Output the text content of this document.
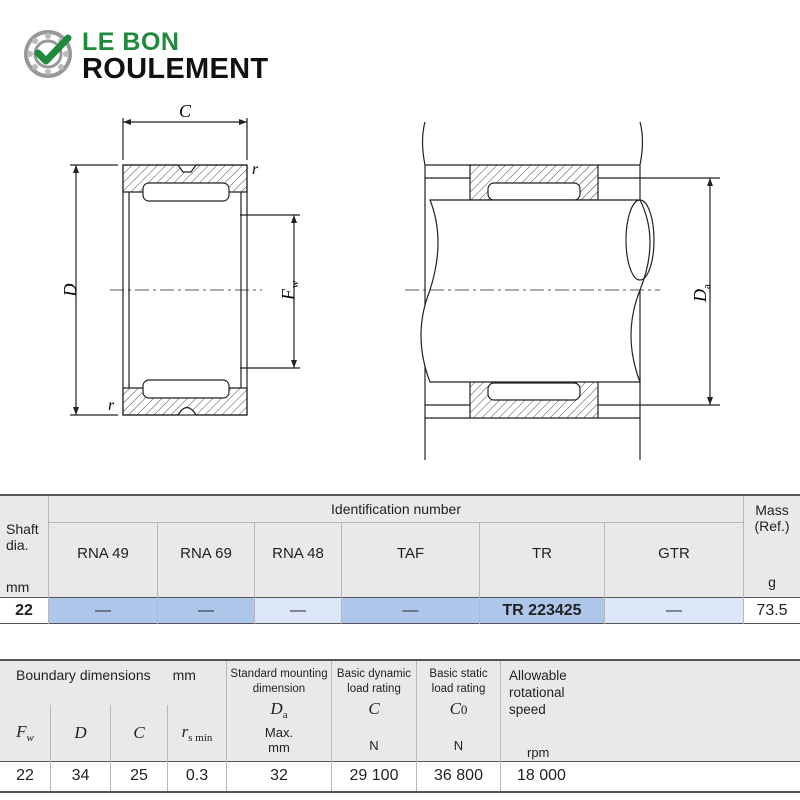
LE BON
ROULEMENT
C
D
r
r
F
w
D
a
Shaft
dia.
mm

Identification number
RNA 49	RNA 69	RNA 48	TAF	TR	GTR

Mass
(Ref.)
g

22	—	—	—	—	TR 223425	—	73.5
Boundary dimensions mm
$F_w$	D	C	$r_{s min}$

Standard mounting
dimension
$D_a$
Max.
mm

Basic dynamic
load rating
C
N

Basic static
load rating
C0
N

Allowable
rotational
speed
rpm

22	34	25	0.3	32	29 100	36 800	18 000
